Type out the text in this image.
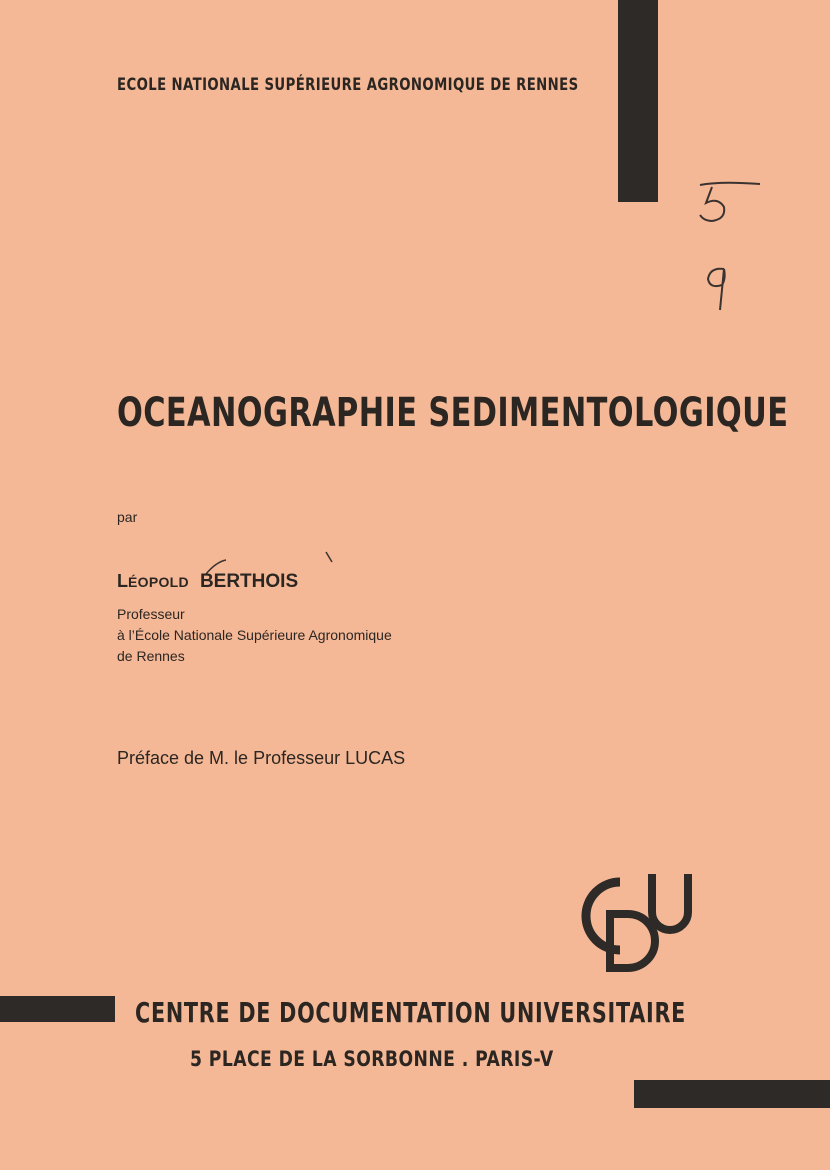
ECOLE NATIONALE SUPÉRIEURE AGRONOMIQUE DE RENNES
OCEANOGRAPHIE SEDIMENTOLOGIQUE
par
LÉOPOLD BERTHOIS
Professeur
à l’École Nationale Supérieure Agronomique
de Rennes
Préface de M. le Professeur LUCAS
CENTRE DE DOCUMENTATION UNIVERSITAIRE
5 PLACE DE LA SORBONNE . PARIS-V
